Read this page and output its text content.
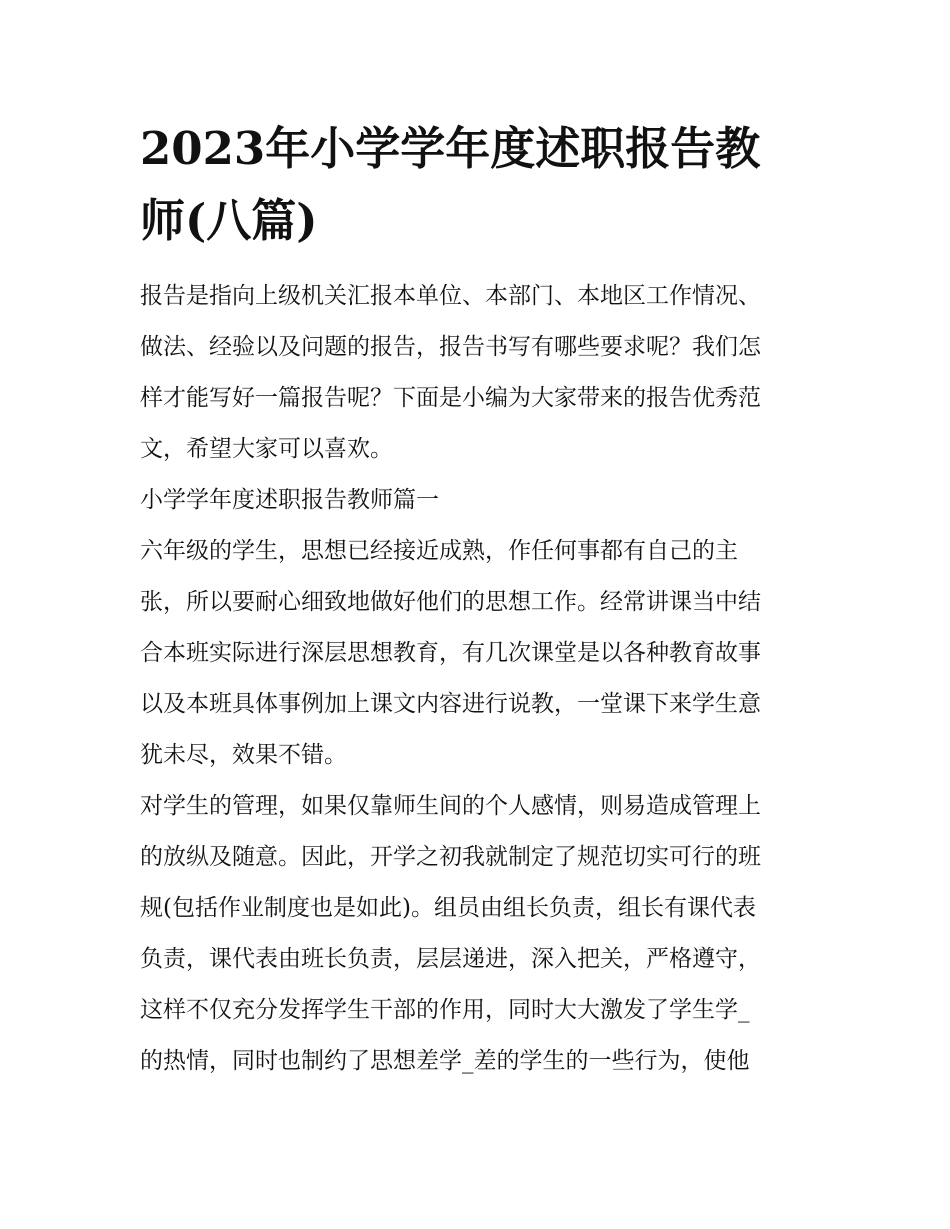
2023年小学学年度述职报告教
师(八篇)

报告是指向上级机关汇报本单位、本部门、本地区工作情况、
做法、经验以及问题的报告，报告书写有哪些要求呢？我们怎
样才能写好一篇报告呢？下面是小编为大家带来的报告优秀范
文，希望大家可以喜欢。

小学学年度述职报告教师篇一

六年级的学生，思想已经接近成熟，作任何事都有自己的主
张，所以要耐心细致地做好他们的思想工作。经常讲课当中结
合本班实际进行深层思想教育，有几次课堂是以各种教育故事
以及本班具体事例加上课文内容进行说教，一堂课下来学生意
犹未尽，效果不错。

对学生的管理，如果仅靠师生间的个人感情，则易造成管理上
的放纵及随意。因此，开学之初我就制定了规范切实可行的班
规(包括作业制度也是如此)。组员由组长负责，组长有课代表
负责，课代表由班长负责，层层递进，深入把关，严格遵守，
这样不仅充分发挥学生干部的作用，同时大大激发了学生学_
的热情，同时也制约了思想差学_差的学生的一些行为，使他
